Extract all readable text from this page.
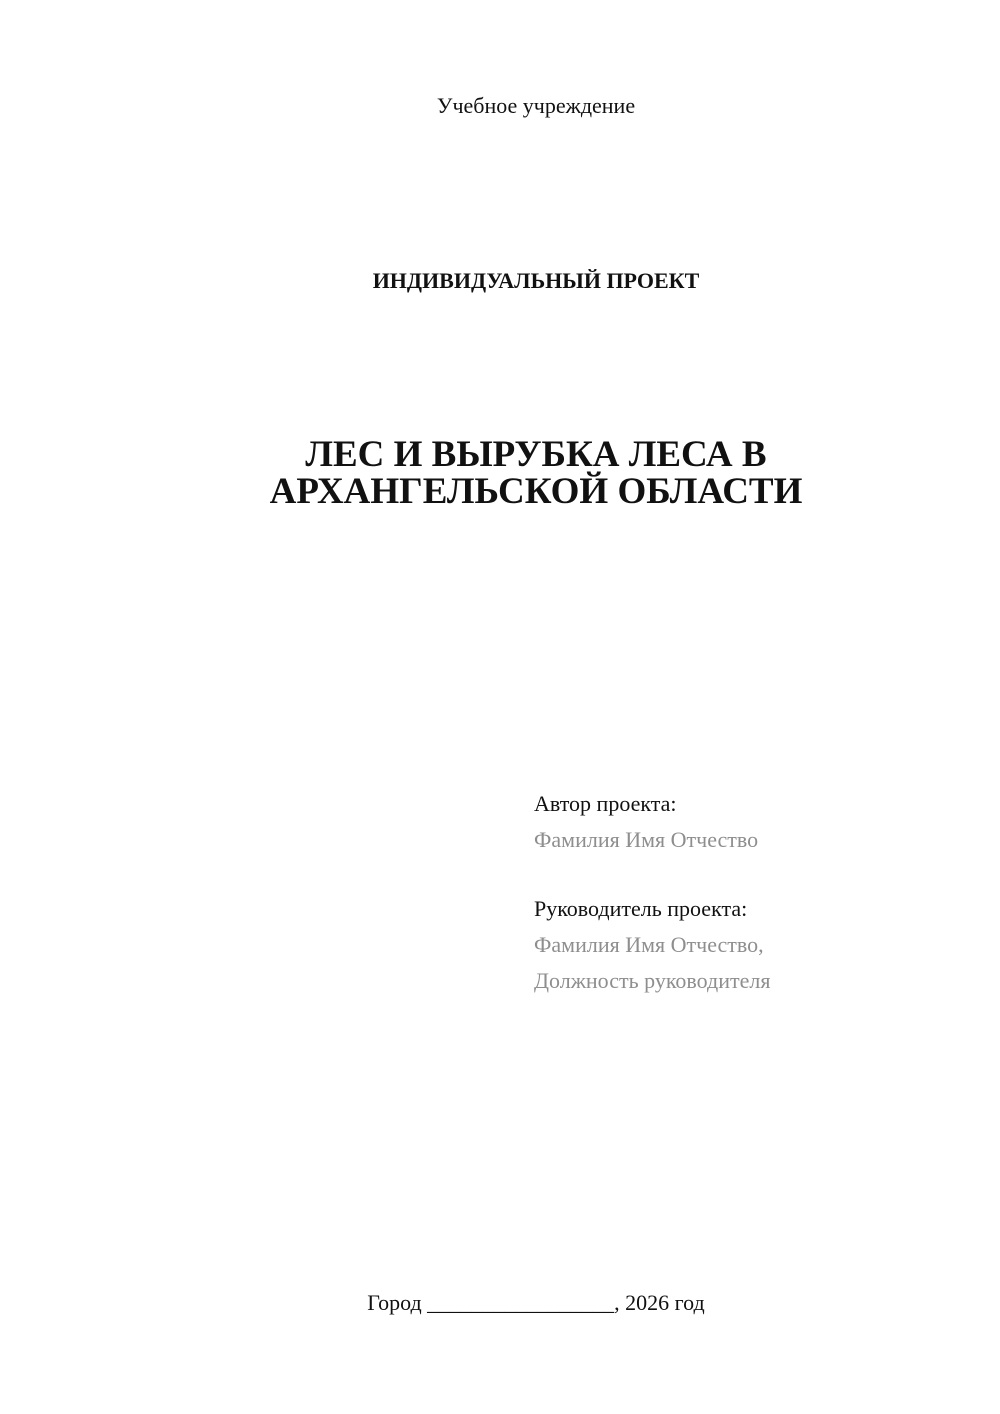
Учебное учреждение
ИНДИВИДУАЛЬНЫЙ ПРОЕКТ
ЛЕС И ВЫРУБКА ЛЕСА В
АРХАНГЕЛЬСКОЙ ОБЛАСТИ
Автор проекта:
Фамилия Имя Отчество
Руководитель проекта:
Фамилия Имя Отчество,
Должность руководителя
Город _________________, 2026 год
